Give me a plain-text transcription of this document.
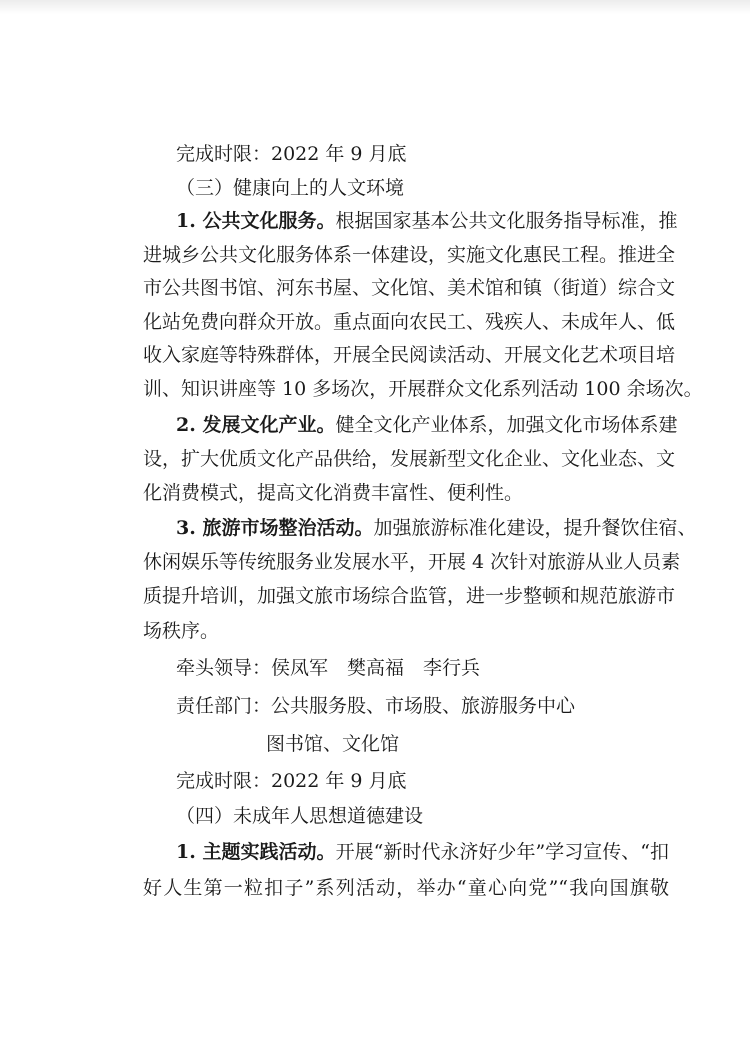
完成时限：2022 年 9 月底

（三）健康向上的人文环境

1. 公共文化服务。根据国家基本公共文化服务指导标准，推

进城乡公共文化服务体系一体建设，实施文化惠民工程。推进全

市公共图书馆、河东书屋、文化馆、美术馆和镇（街道）综合文

化站免费向群众开放。重点面向农民工、残疾人、未成年人、低

收入家庭等特殊群体，开展全民阅读活动、开展文化艺术项目培

训、知识讲座等 10 多场次，开展群众文化系列活动 100 余场次。

2. 发展文化产业。健全文化产业体系，加强文化市场体系建

设，扩大优质文化产品供给，发展新型文化企业、文化业态、文

化消费模式，提高文化消费丰富性、便利性。

3. 旅游市场整治活动。加强旅游标准化建设，提升餐饮住宿、

休闲娱乐等传统服务业发展水平，开展 4 次针对旅游从业人员素

质提升培训，加强文旅市场综合监管，进一步整顿和规范旅游市

场秩序。

牵头领导：侯凤军　樊高福　李行兵

责任部门：公共服务股、市场股、旅游服务中心

图书馆、文化馆

完成时限：2022 年 9 月底

（四）未成年人思想道德建设

1. 主题实践活动。开展“新时代永济好少年”学习宣传、“扣

好人生第一粒扣子”系列活动，举办“童心向党”“我向国旗敬
